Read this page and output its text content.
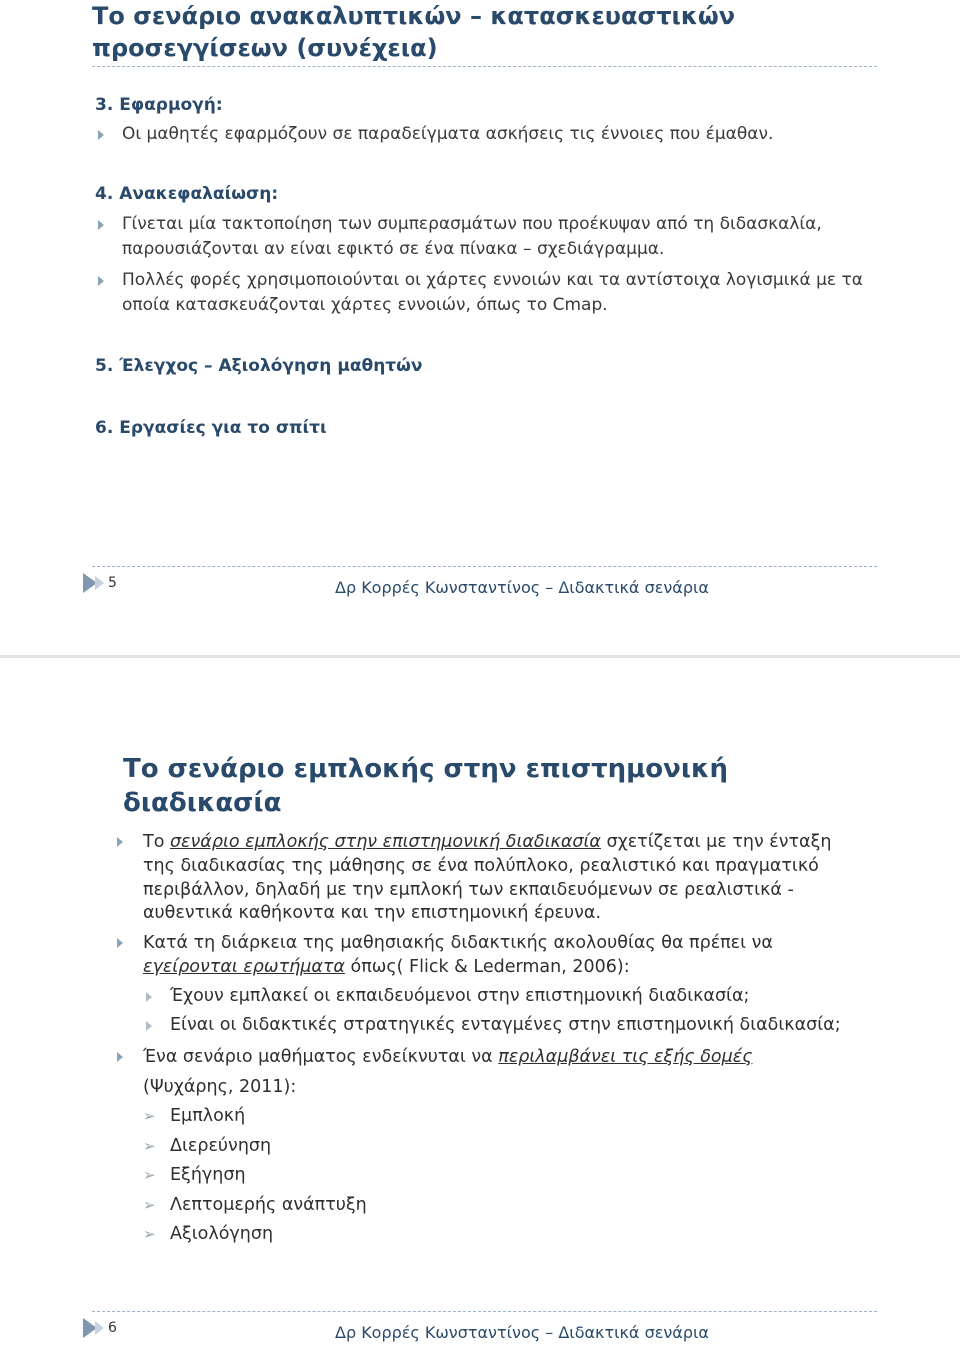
Το σενάριο ανακαλυπτικών – κατασκευαστικών προσεγγίσεων (συνέχεια)
3. Εφαρμογή:
Οι μαθητές εφαρμόζουν σε παραδείγματα ασκήσεις τις έννοιες που έμαθαν.
4. Ανακεφαλαίωση:
Γίνεται μία τακτοποίηση των συμπερασμάτων που προέκυψαν από τη διδασκαλία,
παρουσιάζονται αν είναι εφικτό σε ένα πίνακα – σχεδιάγραμμα.
Πολλές φορές χρησιμοποιούνται οι χάρτες εννοιών και τα αντίστοιχα λογισμικά με τα
οποία κατασκευάζονται χάρτες εννοιών, όπως το Cmap.
5. Έλεγχος – Αξιολόγηση μαθητών
6. Εργασίες για το σπίτι
5	Δρ Κορρές Κωνσταντίνος – Διδακτικά σενάρια
Το σενάριο εμπλοκής στην επιστημονική διαδικασία
Το σενάριο εμπλοκής στην επιστημονική διαδικασία σχετίζεται με την ένταξη
της διαδικασίας της μάθησης σε ένα πολύπλοκο, ρεαλιστικό και πραγματικό
περιβάλλον, δηλαδή με την εμπλοκή των εκπαιδευόμενων σε ρεαλιστικά -
αυθεντικά καθήκοντα και την επιστημονική έρευνα.
Κατά τη διάρκεια της μαθησιακής διδακτικής ακολουθίας θα πρέπει να
εγείρονται ερωτήματα όπως( Flick & Lederman, 2006):
Έχουν εμπλακεί οι εκπαιδευόμενοι στην επιστημονική διαδικασία;
Είναι οι διδακτικές στρατηγικές ενταγμένες στην επιστημονική διαδικασία;
Ένα σενάριο μαθήματος ενδείκνυται να περιλαμβάνει τις εξής δομές
(Ψυχάρης, 2011):
➢ Εμπλοκή
➢ Διερεύνηση
➢ Εξήγηση
➢ Λεπτομερής ανάπτυξη
➢ Αξιολόγηση
6	Δρ Κορρές Κωνσταντίνος – Διδακτικά σενάρια
